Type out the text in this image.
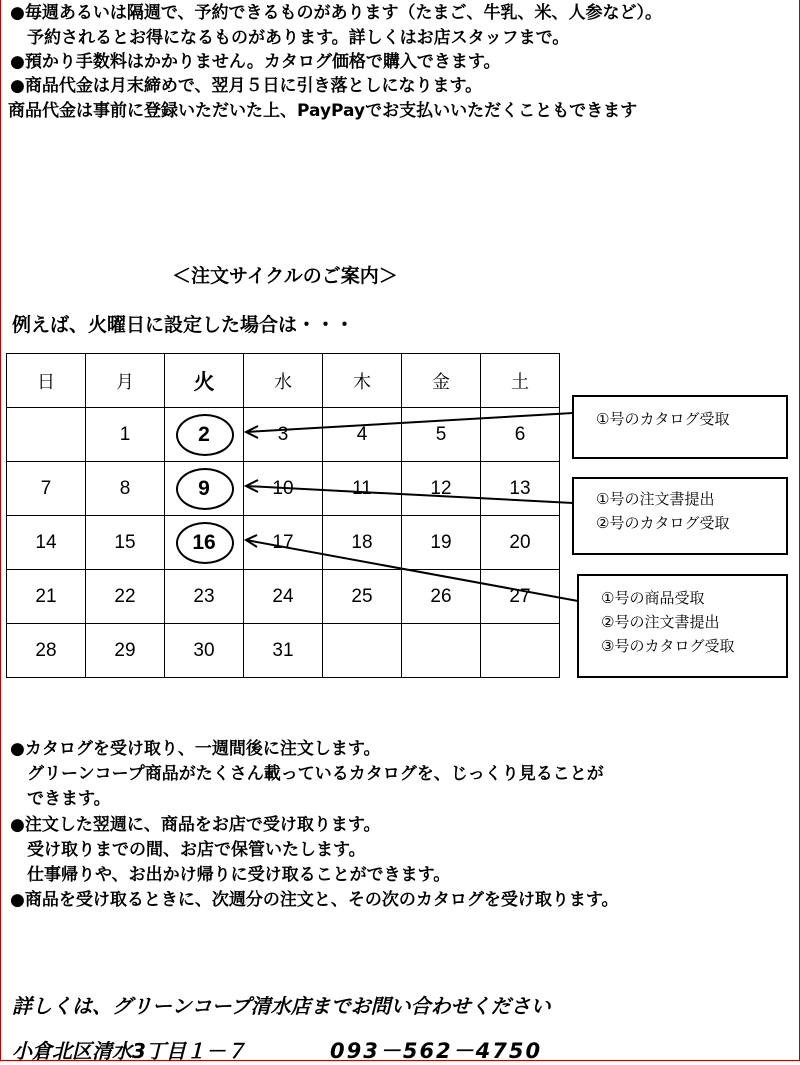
●毎週あるいは隔週で、予約できるものがあります（たまご、牛乳、米、人参など）。
　予約されるとお得になるものがあります。詳しくはお店スタッフまで。
●預かり手数料はかかりません。カタログ価格で購入できます。
●商品代金は月末締めで、翌月５日に引き落としになります。
商品代金は事前に登録いただいた上、PayPayでお支払いいただくこともできます
＜注文サイクルのご案内＞
例えば、火曜日に設定した場合は・・・
日	月	火	水	木	金	土
	1	2	3	4	5	6
7	8	9	10	11	12	13
14	15	16	17	18	19	20
21	22	23	24	25	26	27
28	29	30	31			
①号のカタログ受取
①号の注文書提出
②号のカタログ受取
①号の商品受取
②号の注文書提出
③号のカタログ受取
●カタログを受け取り、一週間後に注文します。
　グリーンコープ商品がたくさん載っているカタログを、じっくり見ることが
　できます。
●注文した翌週に、商品をお店で受け取ります。
　受け取りまでの間、お店で保管いたします。
　仕事帰りや、お出かけ帰りに受け取ることができます。
●商品を受け取るときに、次週分の注文と、その次のカタログを受け取ります。
詳しくは、グリーンコープ清水店までお問い合わせください
小倉北区清水3丁目１－７	093－562－4750
